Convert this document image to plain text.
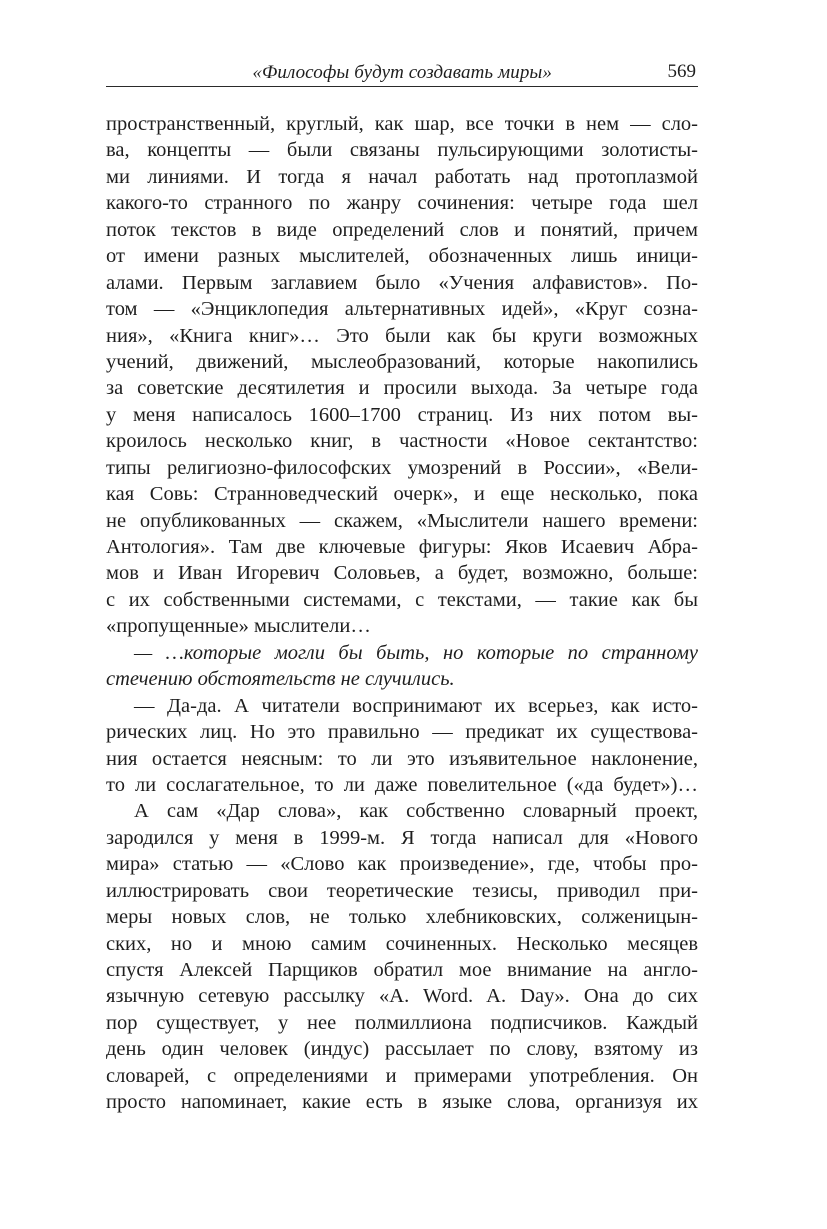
«Философы будут создавать миры»	569
пространственный, круглый, как шар, все точки в нем — сло-
ва, концепты — были связаны пульсирующими золотисты-
ми линиями. И тогда я начал работать над протоплазмой
какого-то странного по жанру сочинения: четыре года шел
поток текстов в виде определений слов и понятий, причем
от имени разных мыслителей, обозначенных лишь иници-
алами. Первым заглавием было «Учения алфавистов». По-
том — «Энциклопедия альтернативных идей», «Круг созна-
ния», «Книга книг»… Это были как бы круги возможных
учений, движений, мыслеобразований, которые накопились
за советские десятилетия и просили выхода. За четыре года
у меня написалось 1600–1700 страниц. Из них потом вы-
кроилось несколько книг, в частности «Новое сектантство:
типы религиозно-философских умозрений в России», «Вели-
кая Совь: Странноведческий очерк», и еще несколько, пока
не опубликованных — скажем, «Мыслители нашего времени:
Антология». Там две ключевые фигуры: Яков Исаевич Абра-
мов и Иван Игоревич Соловьев, а будет, возможно, больше:
с их собственными системами, с текстами, — такие как бы
«пропущенные» мыслители…
— …которые могли бы быть, но которые по странному
стечению обстоятельств не случились.
— Да-да. А читатели воспринимают их всерьез, как исто-
рических лиц. Но это правильно — предикат их существова-
ния остается неясным: то ли это изъявительное наклонение,
то ли сослагательное, то ли даже повелительное («да будет»)…
А сам «Дар слова», как собственно словарный проект,
зародился у меня в 1999-м. Я тогда написал для «Нового
мира» статью — «Слово как произведение», где, чтобы про-
иллюстрировать свои теоретические тезисы, приводил при-
меры новых слов, не только хлебниковских, солженицын-
ских, но и мною самим сочиненных. Несколько месяцев
спустя Алексей Парщиков обратил мое внимание на англо-
язычную сетевую рассылку «A. Word. A. Day». Она до сих
пор существует, у нее полмиллиона подписчиков. Каждый
день один человек (индус) рассылает по слову, взятому из
словарей, с определениями и примерами употребления. Он
просто напоминает, какие есть в языке слова, организуя их
